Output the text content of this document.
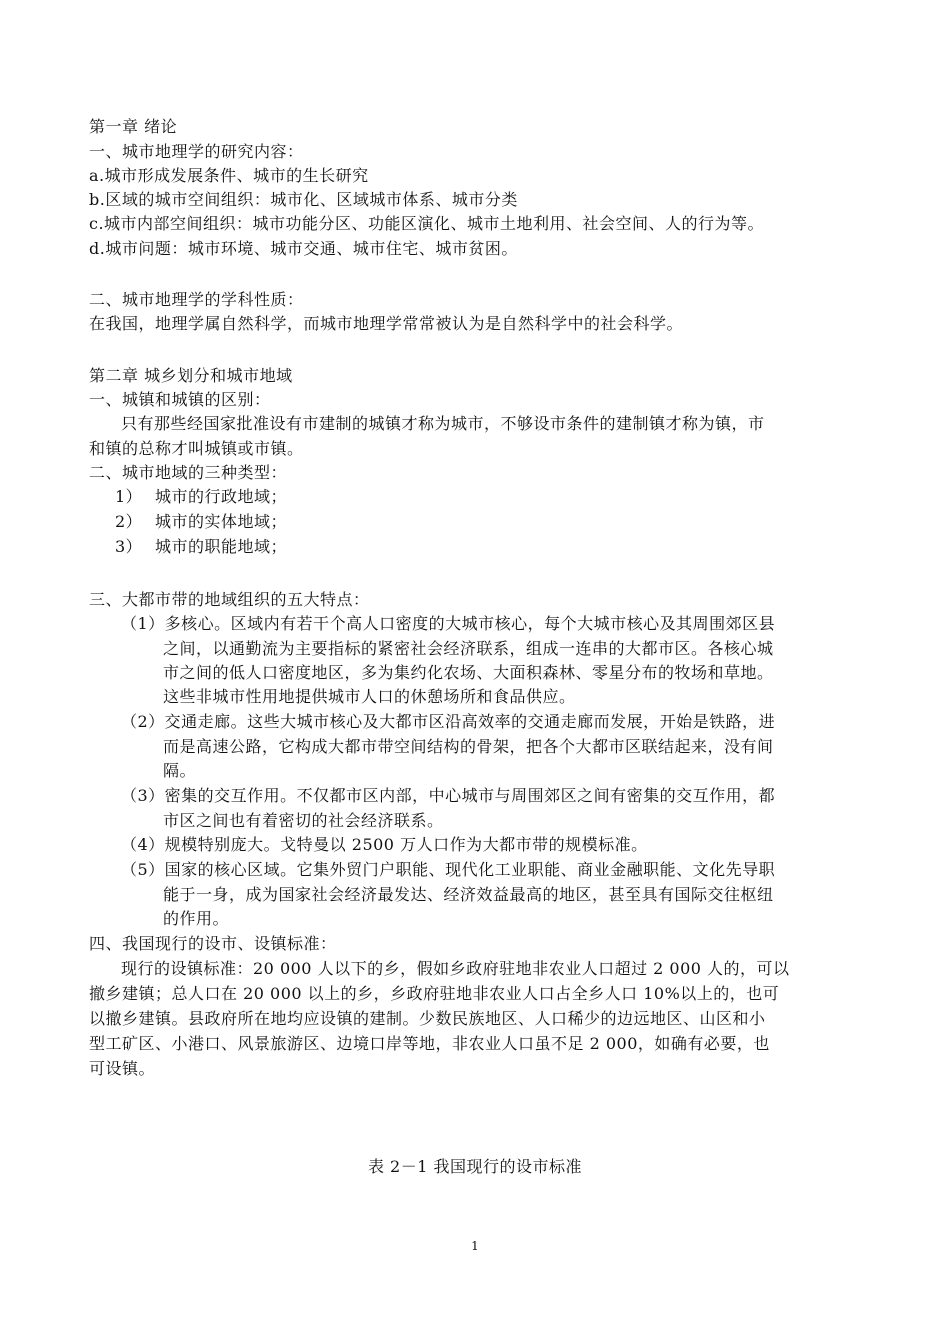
第一章 绪论
一、城市地理学的研究内容：
a.城市形成发展条件、城市的生长研究
b.区域的城市空间组织：城市化、区域城市体系、城市分类
c.城市内部空间组织：城市功能分区、功能区演化、城市土地利用、社会空间、人的行为等。
d.城市问题：城市环境、城市交通、城市住宅、城市贫困。
二、城市地理学的学科性质：
在我国，地理学属自然科学，而城市地理学常常被认为是自然科学中的社会科学。
第二章 城乡划分和城市地域
一、城镇和城镇的区别：
只有那些经国家批准设有市建制的城镇才称为城市，不够设市条件的建制镇才称为镇，市
和镇的总称才叫城镇或市镇。
二、城市地域的三种类型：
1） 城市的行政地域；
2） 城市的实体地域；
3） 城市的职能地域；
三、大都市带的地域组织的五大特点：
（1）多核心。区域内有若干个高人口密度的大城市核心，每个大城市核心及其周围郊区县
之间，以通勤流为主要指标的紧密社会经济联系，组成一连串的大都市区。各核心城
市之间的低人口密度地区，多为集约化农场、大面积森林、零星分布的牧场和草地。
这些非城市性用地提供城市人口的休憩场所和食品供应。
（2）交通走廊。这些大城市核心及大都市区沿高效率的交通走廊而发展，开始是铁路，进
而是高速公路，它构成大都市带空间结构的骨架，把各个大都市区联结起来，没有间
隔。
（3）密集的交互作用。不仅都市区内部，中心城市与周围郊区之间有密集的交互作用，都
市区之间也有着密切的社会经济联系。
（4）规模特别庞大。戈特曼以 2500 万人口作为大都市带的规模标准。
（5）国家的核心区域。它集外贸门户职能、现代化工业职能、商业金融职能、文化先导职
能于一身，成为国家社会经济最发达、经济效益最高的地区，甚至具有国际交往枢纽
的作用。
四、我国现行的设市、设镇标准：
现行的设镇标准：20 000 人以下的乡，假如乡政府驻地非农业人口超过 2 000 人的，可以
撤乡建镇；总人口在 20 000 以上的乡，乡政府驻地非农业人口占全乡人口 10%以上的，也可
以撤乡建镇。县政府所在地均应设镇的建制。少数民族地区、人口稀少的边远地区、山区和小
型工矿区、小港口、风景旅游区、边境口岸等地，非农业人口虽不足 2 000，如确有必要，也
可设镇。
表 2－1 我国现行的设市标准
1
